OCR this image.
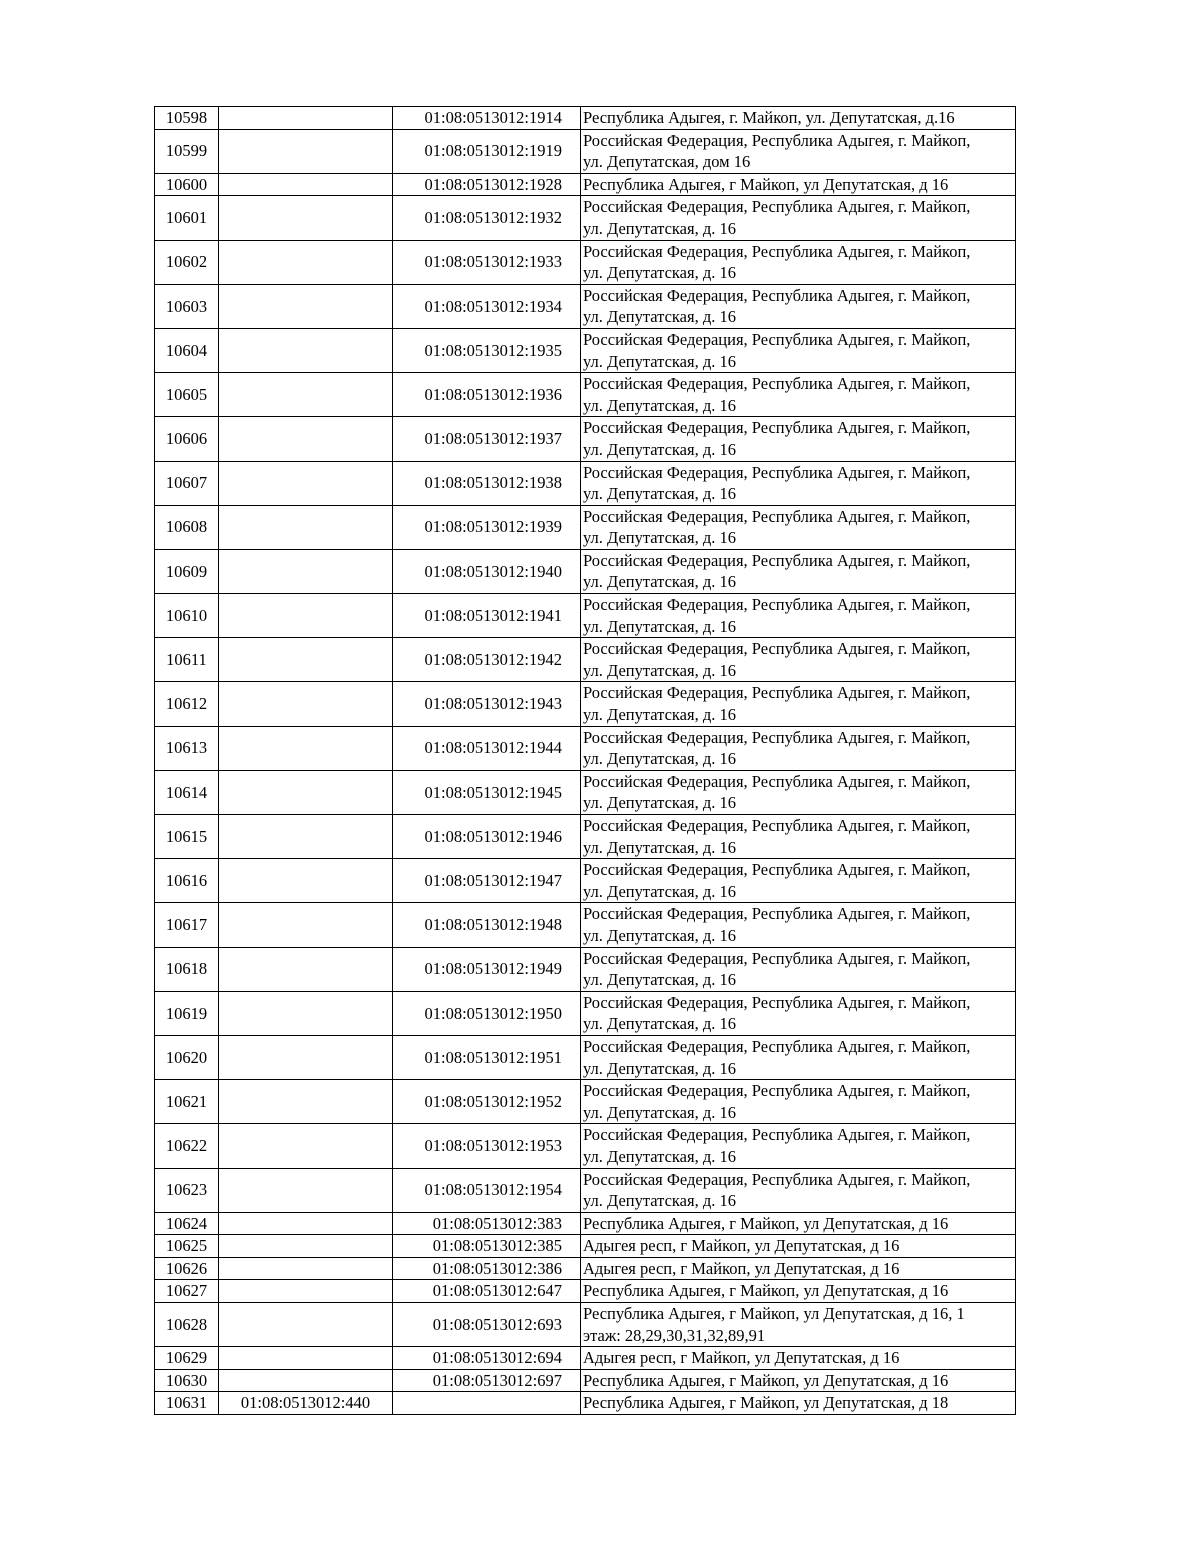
10598		01:08:0513012:1914	Республика Адыгея, г. Майкоп, ул. Депутатская, д.16

10599		01:08:0513012:1919	Российская Федерация, Республика Адыгея, г. Майкоп,
ул. Депутатская, дом 16

10600		01:08:0513012:1928	Республика Адыгея, г Майкоп, ул Депутатская, д 16

10601		01:08:0513012:1932	Российская Федерация, Республика Адыгея, г. Майкоп,
ул. Депутатская, д. 16

10602		01:08:0513012:1933	Российская Федерация, Республика Адыгея, г. Майкоп,
ул. Депутатская, д. 16

10603		01:08:0513012:1934	Российская Федерация, Республика Адыгея, г. Майкоп,
ул. Депутатская, д. 16

10604		01:08:0513012:1935	Российская Федерация, Республика Адыгея, г. Майкоп,
ул. Депутатская, д. 16

10605		01:08:0513012:1936	Российская Федерация, Республика Адыгея, г. Майкоп,
ул. Депутатская, д. 16

10606		01:08:0513012:1937	Российская Федерация, Республика Адыгея, г. Майкоп,
ул. Депутатская, д. 16

10607		01:08:0513012:1938	Российская Федерация, Республика Адыгея, г. Майкоп,
ул. Депутатская, д. 16

10608		01:08:0513012:1939	Российская Федерация, Республика Адыгея, г. Майкоп,
ул. Депутатская, д. 16

10609		01:08:0513012:1940	Российская Федерация, Республика Адыгея, г. Майкоп,
ул. Депутатская, д. 16

10610		01:08:0513012:1941	Российская Федерация, Республика Адыгея, г. Майкоп,
ул. Депутатская, д. 16

10611		01:08:0513012:1942	Российская Федерация, Республика Адыгея, г. Майкоп,
ул. Депутатская, д. 16

10612		01:08:0513012:1943	Российская Федерация, Республика Адыгея, г. Майкоп,
ул. Депутатская, д. 16

10613		01:08:0513012:1944	Российская Федерация, Республика Адыгея, г. Майкоп,
ул. Депутатская, д. 16

10614		01:08:0513012:1945	Российская Федерация, Республика Адыгея, г. Майкоп,
ул. Депутатская, д. 16

10615		01:08:0513012:1946	Российская Федерация, Республика Адыгея, г. Майкоп,
ул. Депутатская, д. 16

10616		01:08:0513012:1947	Российская Федерация, Республика Адыгея, г. Майкоп,
ул. Депутатская, д. 16

10617		01:08:0513012:1948	Российская Федерация, Республика Адыгея, г. Майкоп,
ул. Депутатская, д. 16

10618		01:08:0513012:1949	Российская Федерация, Республика Адыгея, г. Майкоп,
ул. Депутатская, д. 16

10619		01:08:0513012:1950	Российская Федерация, Республика Адыгея, г. Майкоп,
ул. Депутатская, д. 16

10620		01:08:0513012:1951	Российская Федерация, Республика Адыгея, г. Майкоп,
ул. Депутатская, д. 16

10621		01:08:0513012:1952	Российская Федерация, Республика Адыгея, г. Майкоп,
ул. Депутатская, д. 16

10622		01:08:0513012:1953	Российская Федерация, Республика Адыгея, г. Майкоп,
ул. Депутатская, д. 16

10623		01:08:0513012:1954	Российская Федерация, Республика Адыгея, г. Майкоп,
ул. Депутатская, д. 16

10624		01:08:0513012:383	Республика Адыгея, г Майкоп, ул Депутатская, д 16

10625		01:08:0513012:385	Адыгея респ, г Майкоп, ул Депутатская, д 16

10626		01:08:0513012:386	Адыгея респ, г Майкоп, ул Депутатская, д 16

10627		01:08:0513012:647	Республика Адыгея, г Майкоп, ул Депутатская, д 16

10628		01:08:0513012:693	Республика Адыгея, г Майкоп, ул Депутатская, д 16, 1
этаж: 28,29,30,31,32,89,91

10629		01:08:0513012:694	Адыгея респ, г Майкоп, ул Депутатская, д 16

10630		01:08:0513012:697	Республика Адыгея, г Майкоп, ул Депутатская, д 16

10631	01:08:0513012:440		Республика Адыгея, г Майкоп, ул Депутатская, д 18
